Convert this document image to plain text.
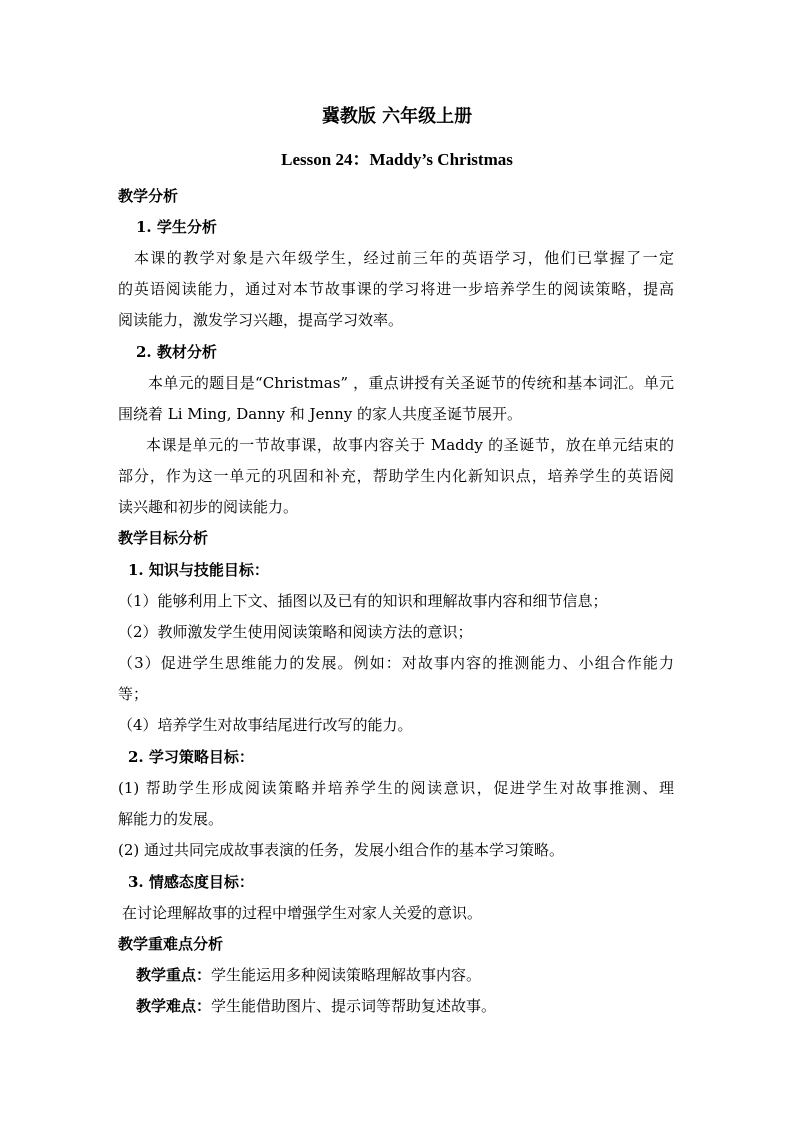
冀教版 六年级上册
Lesson 24：Maddy’s Christmas
教学分析
1. 学生分析
本课的教学对象是六年级学生，经过前三年的英语学习，他们已掌握了一定
的英语阅读能力，通过对本节故事课的学习将进一步培养学生的阅读策略，提高
阅读能力，激发学习兴趣，提高学习效率。
2. 教材分析
本单元的题目是“Christmas” ，重点讲授有关圣诞节的传统和基本词汇。单元
围绕着 Li Ming, Danny 和 Jenny 的家人共度圣诞节展开。
本课是单元的一节故事课，故事内容关于 Maddy 的圣诞节，放在单元结束的
部分，作为这一单元的巩固和补充，帮助学生内化新知识点，培养学生的英语阅
读兴趣和初步的阅读能力。
教学目标分析
1. 知识与技能目标：
（1）能够利用上下文、插图以及已有的知识和理解故事内容和细节信息；
（2）教师激发学生使用阅读策略和阅读方法的意识；
（3）促进学生思维能力的发展。例如：对故事内容的推测能力、小组合作能力
等；
（4）培养学生对故事结尾进行改写的能力。
2. 学习策略目标：
(1) 帮助学生形成阅读策略并培养学生的阅读意识，促进学生对故事推测、理
解能力的发展。
(2) 通过共同完成故事表演的任务，发展小组合作的基本学习策略。
3. 情感态度目标：
在讨论理解故事的过程中增强学生对家人关爱的意识。
教学重难点分析
教学重点：学生能运用多种阅读策略理解故事内容。
教学难点：学生能借助图片、提示词等帮助复述故事。
